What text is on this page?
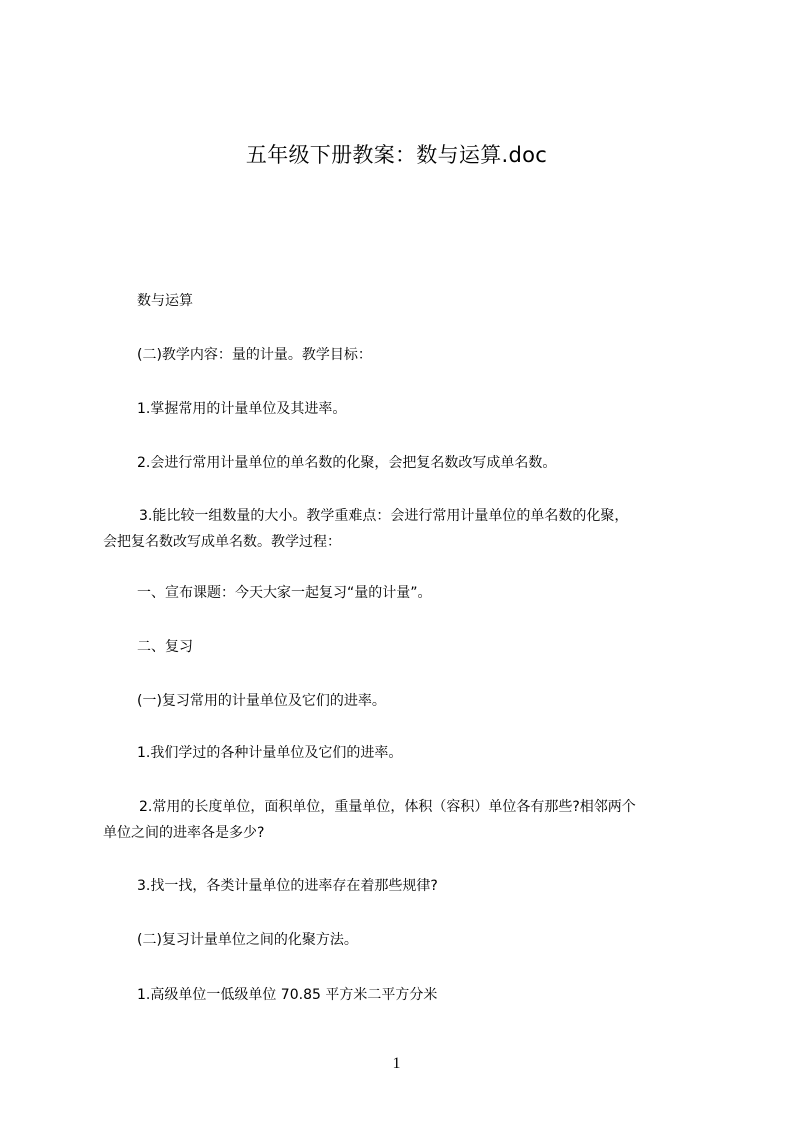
五年级下册教案：数与运算.doc
数与运算
(二)教学内容：量的计量。教学目标：
1.掌握常用的计量单位及其进率。
2.会进行常用计量单位的单名数的化聚，会把复名数改写成单名数。
3.能比较一组数量的大小。教学重难点：会进行常用计量单位的单名数的化聚，
会把复名数改写成单名数。教学过程：
一、宣布课题：今天大家一起复习“量的计量”。
二、复习
(一)复习常用的计量单位及它们的进率。
1.我们学过的各种计量单位及它们的进率。
2.常用的长度单位，面积单位，重量单位，体积（容积）单位各有那些?相邻两个
单位之间的进率各是多少?
3.找一找，各类计量单位的进率存在着那些规律?
(二)复习计量单位之间的化聚方法。
1.高级单位一低级单位 70.85 平方米二平方分米
1
